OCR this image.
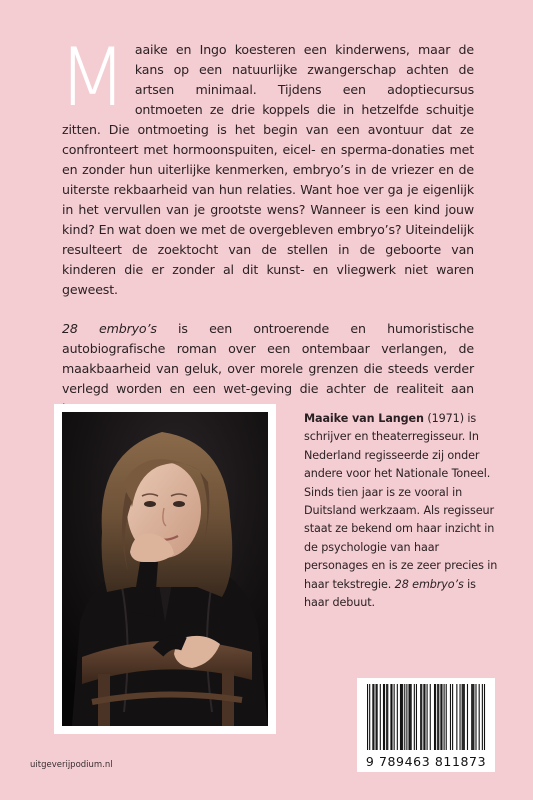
Maaike en Ingo koesteren een kinderwens, maar de kans op een natuurlijke zwangerschap achten de artsen minimaal. Tijdens een adoptiecursus ontmoeten ze drie koppels die in hetzelfde schuitje zitten. Die ontmoeting is het begin van een avontuur dat ze confronteert met hormoonspuiten, eicel- en sperma-donaties met en zonder hun uiterlijke kenmerken, embryo’s in de vriezer en de uiterste rekbaarheid van hun relaties. Want hoe ver ga je eigenlijk in het vervullen van je grootste wens? Wanneer is een kind jouw kind? En wat doen we met de overgebleven embryo’s? Uiteindelijk resulteert de zoektocht van de stellen in de geboorte van kinderen die er zonder al dit kunst- en vliegwerk niet waren geweest.

28 embryo’s is een ontroerende en humoristische autobiografische roman over een ontembaar verlangen, de maakbaarheid van geluk, over morele grenzen die steeds verder verlegd worden en een wet-geving die achter de realiteit aan

Maaike van Langen (1971) is schrijver en theaterregisseur. In Nederland regisseerde zij onder andere voor het Nationale Toneel. Sinds tien jaar is ze vooral in Duitsland werkzaam. Als regisseur staat ze bekend om haar inzicht in de psychologie van haar personages en is ze zeer precies in haar tekstregie. 28 embryo’s is haar debuut.
9 789463 811873
uitgeverijpodium.nl
